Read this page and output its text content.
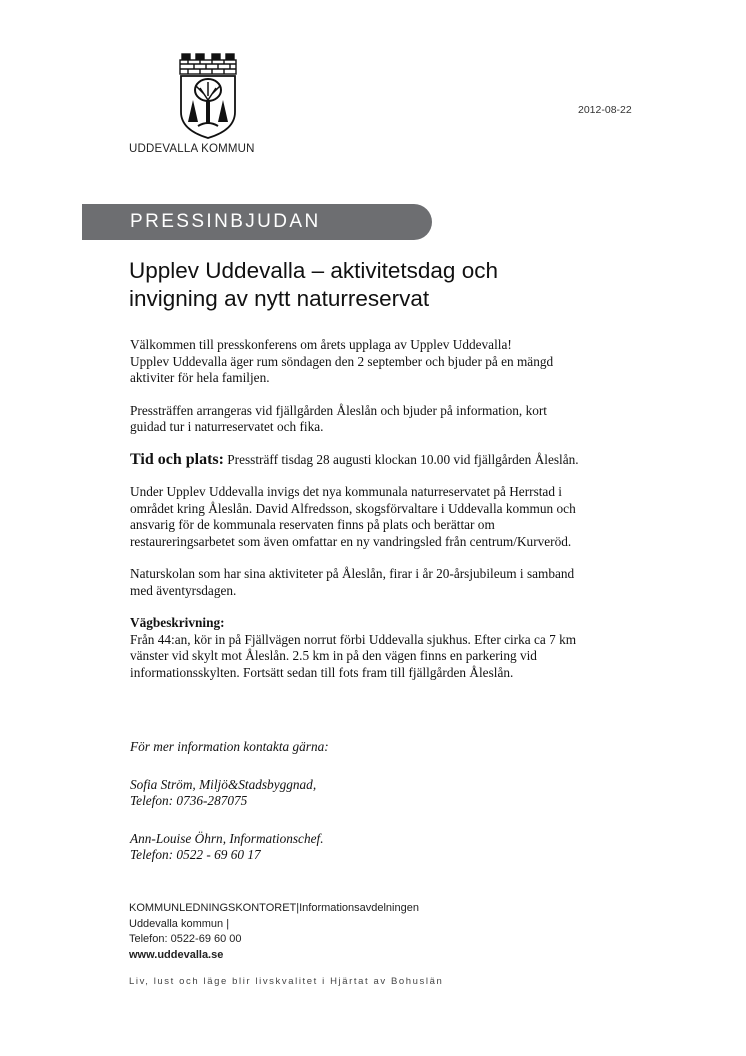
UDDEVALLA KOMMUN
2012-08-22
PRESSINBJUDAN
Upplev Uddevalla – aktivitetsdag och
invigning av nytt naturreservat

Välkommen till presskonferens om årets upplaga av Upplev Uddevalla!
Upplev Uddevalla äger rum söndagen den 2 september och bjuder på en mängd
aktiviter för hela familjen.

Pressträffen arrangeras vid fjällgården Åleslån och bjuder på information, kort
guidad tur i naturreservatet och fika.

Tid och plats: Pressträff tisdag 28 augusti klockan 10.00 vid fjällgården Åleslån.

Under Upplev Uddevalla invigs det nya kommunala naturreservatet på Herrstad i
området kring Åleslån. David Alfredsson, skogsförvaltare i Uddevalla kommun och
ansvarig för de kommunala reservaten finns på plats och berättar om
restaureringsarbetet som även omfattar en ny vandringsled från centrum/Kurveröd.

Naturskolan som har sina aktiviteter på Åleslån, firar i år 20-årsjubileum i samband
med äventyrsdagen.

Vägbeskrivning:
Från 44:an, kör in på Fjällvägen norrut förbi Uddevalla sjukhus. Efter cirka ca 7 km
vänster vid skylt mot Åleslån. 2.5 km in på den vägen finns en parkering vid
informationsskylten. Fortsätt sedan till fots fram till fjällgården Åleslån.

För mer information kontakta gärna:

Sofia Ström, Miljö&Stadsbyggnad,
Telefon: 0736-287075

Ann-Louise Öhrn, Informationschef.
Telefon: 0522 - 69 60 17

KOMMUNLEDNINGSKONTORET|Informationsavdelningen
Uddevalla kommun |
Telefon: 0522-69 60 00
www.uddevalla.se
Liv, lust och läge blir livskvalitet i Hjärtat av Bohuslän
